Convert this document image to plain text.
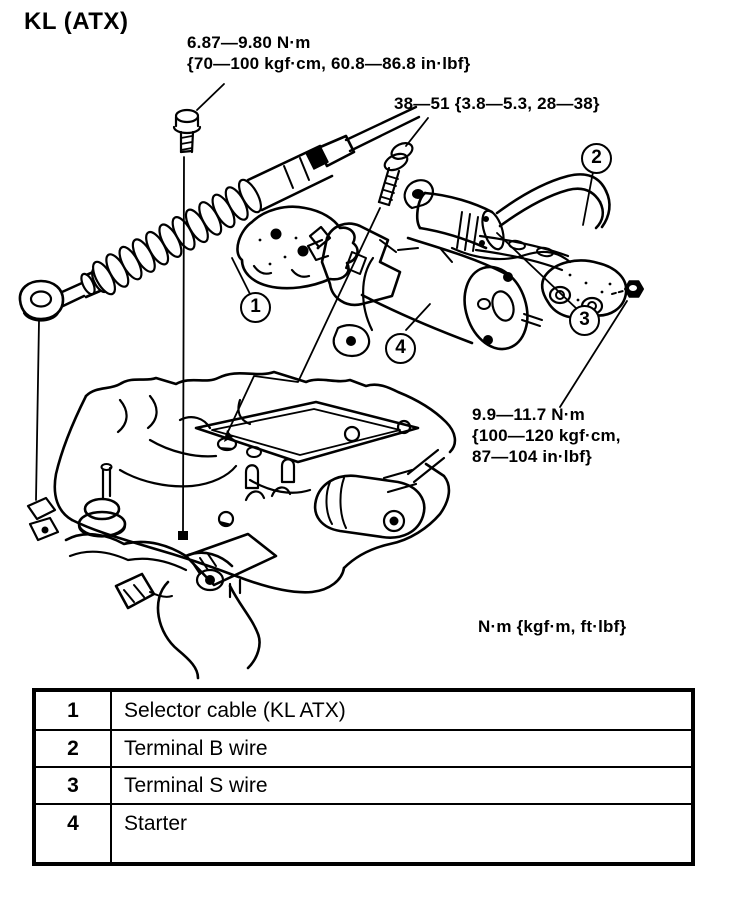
KL (ATX)
6.87—9.80 N·m
{70—100 kgf·cm, 60.8—86.8 in·lbf}
38—51 {3.8—5.3, 28—38}
9.9—11.7 N·m
{100—120 kgf·cm,
87—104 in·lbf}
N·m {kgf·m, ft·lbf}
1
2
3
4
1	Selector cable (KL ATX)
2	Terminal B wire
3	Terminal S wire
4	Starter
